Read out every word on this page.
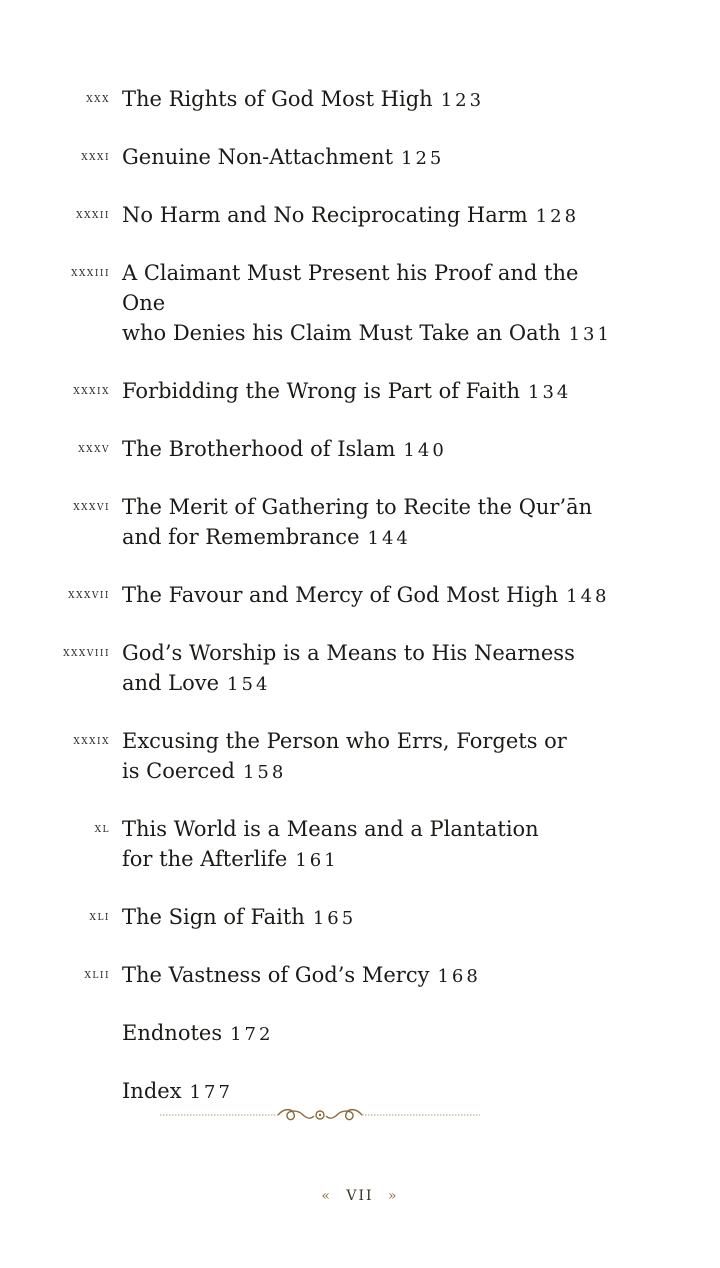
xxx The Rights of God Most High 123
xxxi Genuine Non-Attachment 125
xxxii No Harm and No Reciprocating Harm 128
xxxiii A Claimant Must Present his Proof and the One
who Denies his Claim Must Take an Oath 131
xxxix Forbidding the Wrong is Part of Faith 134
xxxv The Brotherhood of Islam 140
xxxvi The Merit of Gathering to Recite the Qur’ān
and for Remembrance 144
xxxvii The Favour and Mercy of God Most High 148
xxxviii God’s Worship is a Means to His Nearness
and Love 154
xxxix Excusing the Person who Errs, Forgets or
is Coerced 158
xl This World is a Means and a Plantation
for the Afterlife 161
xli The Sign of Faith 165
xlii The Vastness of God’s Mercy 168
Endnotes 172
Index 177
« VII »
